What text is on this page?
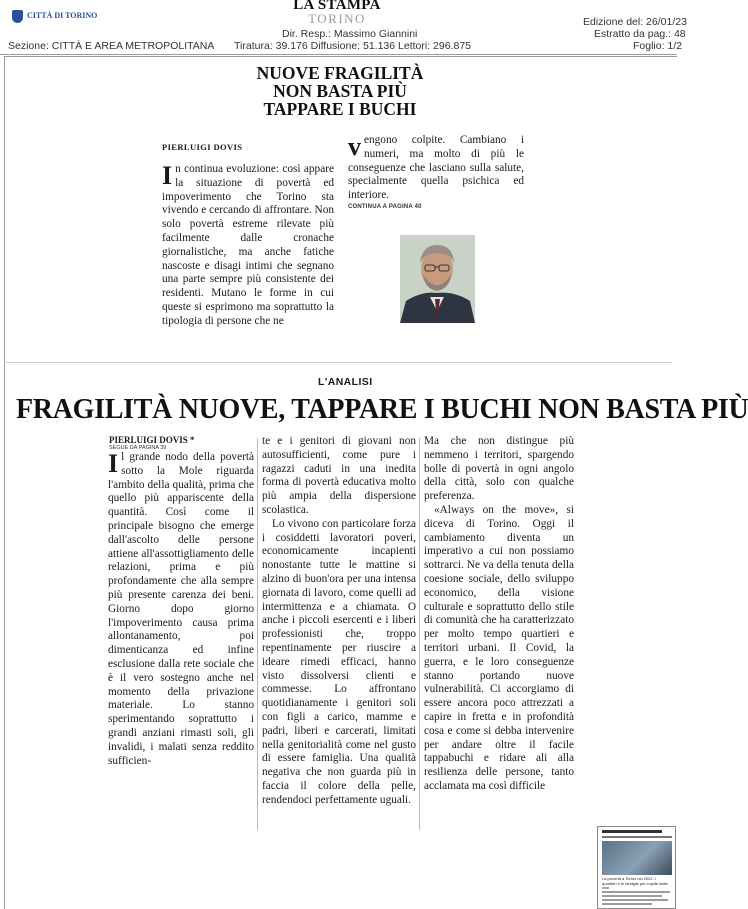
CITTÀ DI TORINO
Sezione: CITTÀ E AREA METROPOLITANA
LA STAMPA
TORINO
Dir. Resp.: Massimo Giannini
Tiratura: 39.176 Diffusione: 51.136 Lettori: 296.875
Edizione del: 26/01/23
Estratto da pag.: 48
Foglio: 1/2
NUOVE FRAGILITÀ
NON BASTA PIÙ
TAPPARE I BUCHI
PIERLUIGI DOVIS

In continua evoluzione: così appare la situazione di povertà ed impoverimento che Torino sta vivendo e cercando di affrontare. Non solo povertà estreme rilevate più facilmente dalle cronache giornalistiche, ma anche fatiche nascoste e disagi intimi che segnano una parte sempre più consistente dei residenti. Mutano le forme in cui queste si esprimono ma soprattutto la tipologia di persone che ne

vengono colpite. Cambiano i numeri, ma molto di più le conseguenze che lasciano sulla salute, specialmente quella psichica ed interiore.

CONTINUA A PAGINA 40
L'ANALISI
FRAGILITÀ NUOVE, TAPPARE I BUCHI NON BASTA PIÙ
PIERLUIGI DOVIS *
SEGUE DA PAGINA 39

Il grande nodo della povertà sotto la Mole riguarda l'ambito della qualità, prima che quello più appariscente della quantità. Così come il principale bisogno che emerge dall'ascolto delle persone attiene all'assottigliamento delle relazioni, prima e più profondamente che alla sempre più presente carenza dei beni. Giorno dopo giorno l'impoverimento causa prima allontanamento, poi dimenticanza ed infine esclusione dalla rete sociale che è il vero sostegno anche nel momento della privazione materiale. Lo stanno sperimentando soprattutto i grandi anziani rimasti soli, gli invalidi, i malati senza reddito sufficien-

te e i genitori di giovani non autosufficienti, come pure i ragazzi caduti in una inedita forma di povertà educativa molto più ampia della dispersione scolastica.

Lo vivono con particolare forza i cosiddetti lavoratori poveri, economicamente incapienti nonostante tutte le mattine si alzino di buon'ora per una intensa giornata di lavoro, come quelli ad intermittenza e a chiamata. O anche i piccoli esercenti e i liberi professionisti che, troppo repentinamente per riuscire a ideare rimedi efficaci, hanno visto dissolversi clienti e commesse. Lo affrontano quotidianamente i genitori soli con figli a carico, mamme e padri, liberi e carcerati, limitati nella genitorialità come nel gusto di essere famiglia. Una qualità negativa che non guarda più in faccia il colore della pelle, rendendoci perfettamente uguali.

Ma che non distingue più nemmeno i territori, spargendo bolle di povertà in ogni angolo della città, solo con qualche preferenza.

«Always on the move», si diceva di Torino. Oggi il cambiamento diventa un imperativo a cui non possiamo sottrarci. Ne va della tenuta della coesione sociale, dello sviluppo economico, della visione culturale e soprattutto dello stile di comunità che ha caratterizzato per molto tempo quartieri e territori urbani. Il Covid, la guerra, e le loro conseguenze stanno portando nuove vulnerabilità. Ci accorgiamo di essere ancora poco attrezzati a capire in fretta e in profondità cosa e come si debba intervenire per andare oltre il facile tappabuchi e ridare ali alla resilienza delle persone, tanto acclamata ma così difficile

La povertà a Torino nel 2022: i quartieri e le famiglie più colpite dalla crisi
